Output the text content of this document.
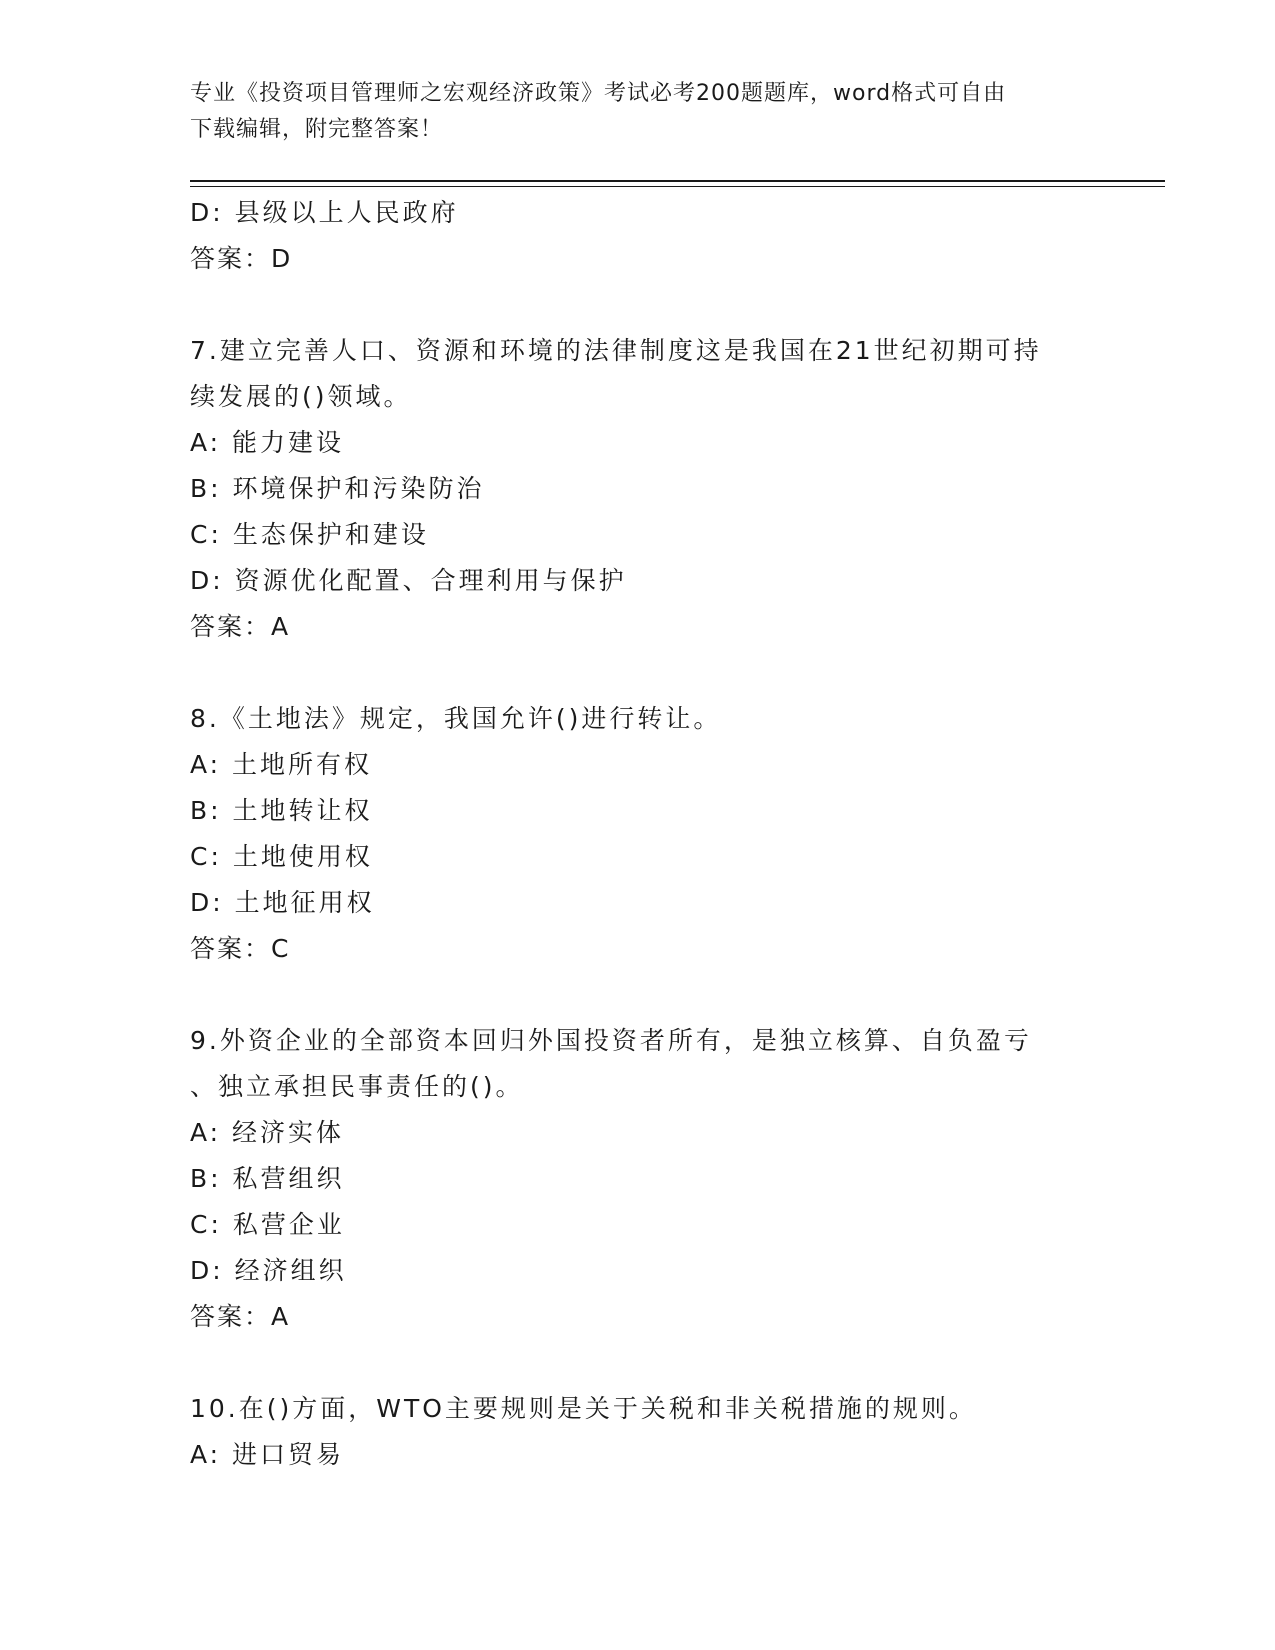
专业《投资项目管理师之宏观经济政策》考试必考200题题库，word格式可自由
下载编辑，附完整答案！
D: 县级以上人民政府
答案：D
7.建立完善人口、资源和环境的法律制度这是我国在21世纪初期可持
续发展的()领域。
A: 能力建设
B: 环境保护和污染防治
C: 生态保护和建设
D: 资源优化配置、合理利用与保护
答案：A
8.《土地法》规定，我国允许()进行转让。
A: 土地所有权
B: 土地转让权
C: 土地使用权
D: 土地征用权
答案：C
9.外资企业的全部资本回归外国投资者所有，是独立核算、自负盈亏
、独立承担民事责任的()。
A: 经济实体
B: 私营组织
C: 私营企业
D: 经济组织
答案：A
10.在()方面，WTO主要规则是关于关税和非关税措施的规则。
A: 进口贸易
